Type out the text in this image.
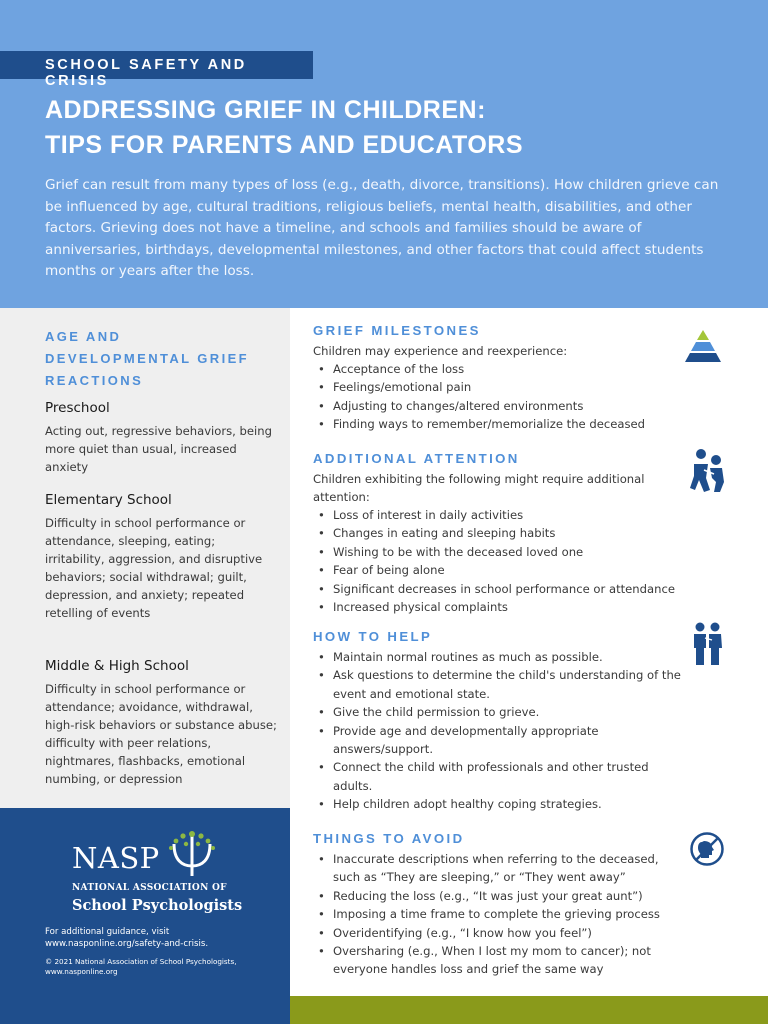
SCHOOL SAFETY AND CRISIS
ADDRESSING GRIEF IN CHILDREN:
TIPS FOR PARENTS AND EDUCATORS

Grief can result from many types of loss (e.g., death, divorce, transitions). How children grieve can be influenced by age, cultural traditions, religious beliefs, mental health, disabilities, and other factors. Grieving does not have a timeline, and schools and families should be aware of anniversaries, birthdays, developmental milestones, and other factors that could affect students months or years after the loss.

AGE AND
DEVELOPMENTAL GRIEF
REACTIONS
Preschool

Acting out, regressive behaviors, being more quiet than usual, increased anxiety

Elementary School

Difficulty in school performance or attendance, sleeping, eating; irritability, aggression, and disruptive behaviors; social withdrawal; guilt, depression, and anxiety; repeated retelling of events

Middle & High School

Difficulty in school performance or attendance; avoidance, withdrawal, high-risk behaviors or substance abuse; difficulty with peer relations, nightmares, flashbacks, emotional numbing, or depression

NASP
NATIONAL ASSOCIATION OF
School Psychologists

For additional guidance, visit www.nasponline.org/safety-and-crisis.

© 2021 National Association of School Psychologists,
www.nasponline.org
GRIEF MILESTONES

Children may experience and reexperience:

• Acceptance of the loss
• Feelings/emotional pain
• Adjusting to changes/altered environments
• Finding ways to remember/memorialize the deceased
ADDITIONAL ATTENTION

Children exhibiting the following might require additional attention:

• Loss of interest in daily activities
• Changes in eating and sleeping habits
• Wishing to be with the deceased loved one
• Fear of being alone
• Significant decreases in school performance or attendance
• Increased physical complaints
HOW TO HELP
• Maintain normal routines as much as possible.
• Ask questions to determine the child's understanding of the event and emotional state.
• Give the child permission to grieve.
• Provide age and developmentally appropriate answers/support.
• Connect the child with professionals and other trusted adults.
• Help children adopt healthy coping strategies.
THINGS TO AVOID
• Inaccurate descriptions when referring to the deceased, such as “They are sleeping,” or “They went away”
• Reducing the loss (e.g., “It was just your great aunt”)
• Imposing a time frame to complete the grieving process
• Overidentifying (e.g., “I know how you feel”)
• Oversharing (e.g., When I lost my mom to cancer); not everyone handles loss and grief the same way
